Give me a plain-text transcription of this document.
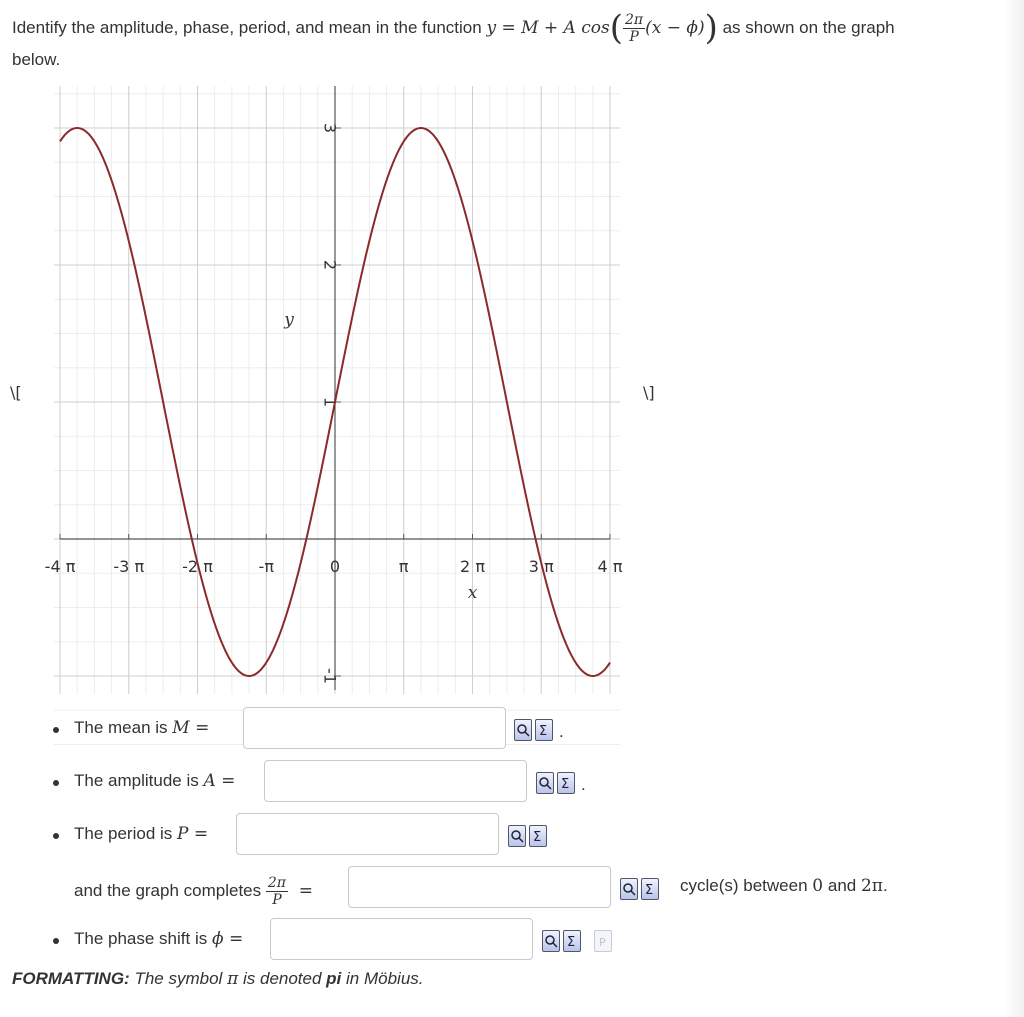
Identify the amplitude, phase, period, and mean in the function y = M + A $\cos( \frac{2\pi}{P} (x - \phi))$ as shown on the graph
below.
\[	\]
-4 π -3 π -2 π	-π	0	π	2 π	3 π	4 π
-1
1
2
3
x
y
The mean is M =	Σ .
The amplitude is A =	Σ .
The period is P =	Σ
and the graph completes $\frac{2\pi}{P}$ =	Σ cycle(s) between 0 and 2π.
The phase shift is ϕ =	Σ P
FORMATTING: The symbol π is denoted pi in Möbius.
